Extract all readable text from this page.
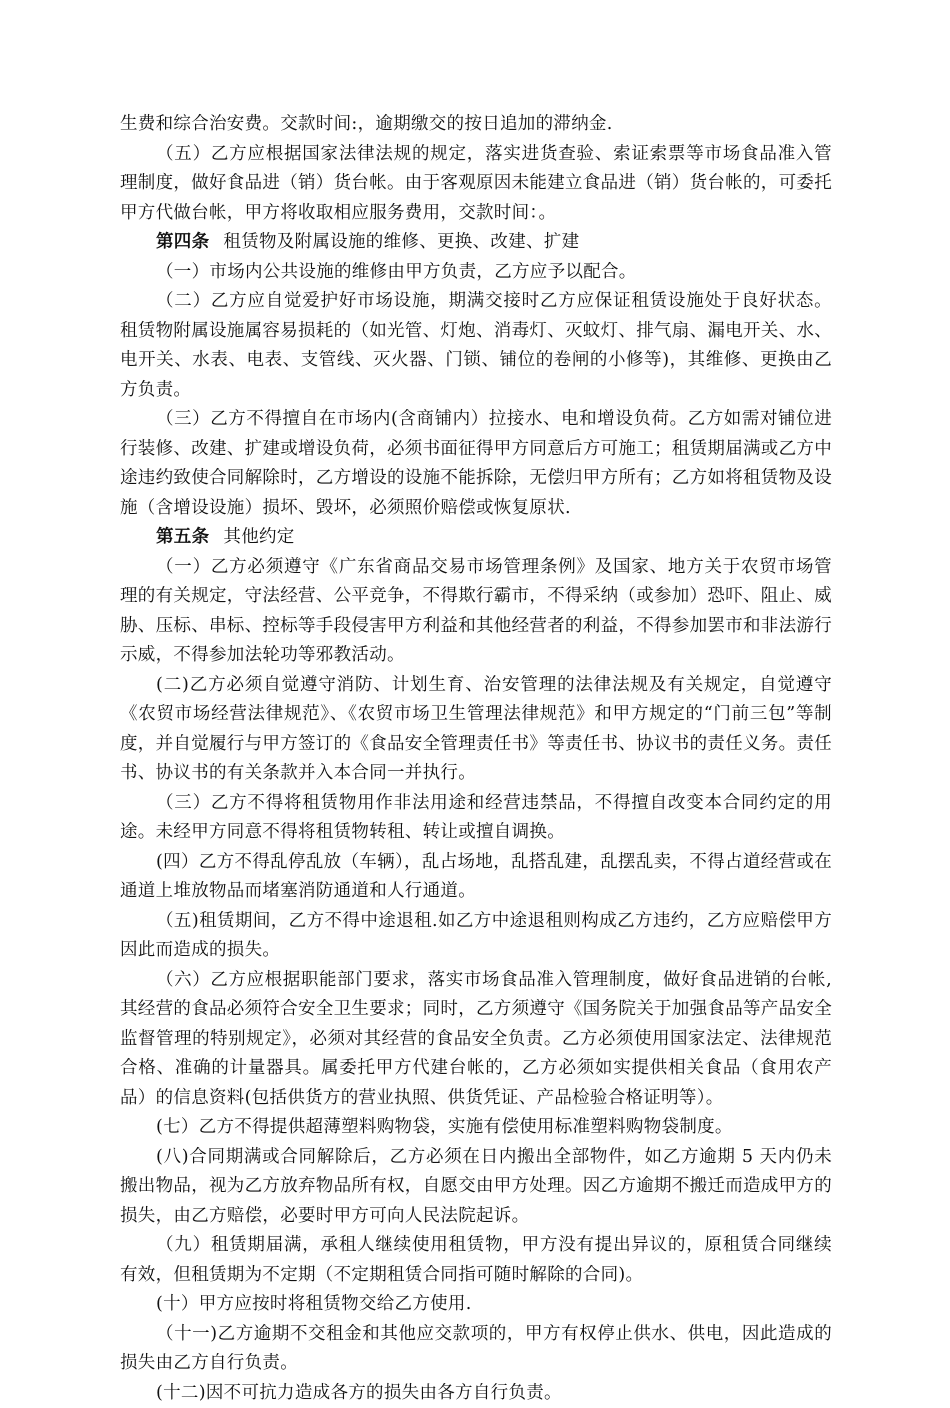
生费和综合治安费。交款时间:，逾期缴交的按日追加的滞纳金.

（五）乙方应根据国家法律法规的规定，落实进货查验、索证索票等市场食品准入管理制度，做好食品进（销）货台帐。由于客观原因未能建立食品进（销）货台帐的，可委托甲方代做台帐，甲方将收取相应服务费用，交款时间：。

第四条 租赁物及附属设施的维修、更换、改建、扩建

（一）市场内公共设施的维修由甲方负责，乙方应予以配合。

（二）乙方应自觉爱护好市场设施，期满交接时乙方应保证租赁设施处于良好状态。租赁物附属设施属容易损耗的（如光管、灯炮、消毒灯、灭蚊灯、排气扇、漏电开关、水、电开关、水表、电表、支管线、灭火器、门锁、铺位的卷闸的小修等)，其维修、更换由乙方负责。

（三）乙方不得擅自在市场内(含商铺内）拉接水、电和增设负荷。乙方如需对铺位进行装修、改建、扩建或增设负荷，必须书面征得甲方同意后方可施工；租赁期届满或乙方中途违约致使合同解除时，乙方增设的设施不能拆除，无偿归甲方所有；乙方如将租赁物及设施（含增设设施）损坏、毁坏，必须照价赔偿或恢复原状.

第五条 其他约定

（一）乙方必须遵守《广东省商品交易市场管理条例》及国家、地方关于农贸市场管理的有关规定，守法经营、公平竞争，不得欺行霸市，不得采纳（或参加）恐吓、阻止、威胁、压标、串标、控标等手段侵害甲方利益和其他经营者的利益，不得参加罢市和非法游行示威，不得参加法轮功等邪教活动。

(二)乙方必须自觉遵守消防、计划生育、治安管理的法律法规及有关规定，自觉遵守《农贸市场经营法律规范》、《农贸市场卫生管理法律规范》和甲方规定的“门前三包”等制度，并自觉履行与甲方签订的《食品安全管理责任书》等责任书、协议书的责任义务。责任书、协议书的有关条款并入本合同一并执行。

（三）乙方不得将租赁物用作非法用途和经营违禁品，不得擅自改变本合同约定的用途。未经甲方同意不得将租赁物转租、转让或擅自调换。

(四）乙方不得乱停乱放（车辆），乱占场地，乱搭乱建，乱摆乱卖，不得占道经营或在通道上堆放物品而堵塞消防通道和人行通道。

（五)租赁期间，乙方不得中途退租.如乙方中途退租则构成乙方违约，乙方应赔偿甲方因此而造成的损失。

（六）乙方应根据职能部门要求，落实市场食品准入管理制度，做好食品进销的台帐,其经营的食品必须符合安全卫生要求；同时，乙方须遵守《国务院关于加强食品等产品安全监督管理的特别规定》，必须对其经营的食品安全负责。乙方必须使用国家法定、法律规范合格、准确的计量器具。属委托甲方代建台帐的，乙方必须如实提供相关食品（食用农产品）的信息资料(包括供货方的营业执照、供货凭证、产品检验合格证明等）。

(七）乙方不得提供超薄塑料购物袋，实施有偿使用标准塑料购物袋制度。

(八)合同期满或合同解除后，乙方必须在日内搬出全部物件，如乙方逾期 5 天内仍未搬出物品，视为乙方放弃物品所有权，自愿交由甲方处理。因乙方逾期不搬迁而造成甲方的损失，由乙方赔偿，必要时甲方可向人民法院起诉。

（九）租赁期届满，承租人继续使用租赁物，甲方没有提出异议的，原租赁合同继续有效，但租赁期为不定期（不定期租赁合同指可随时解除的合同)。

(十）甲方应按时将租赁物交给乙方使用.

（十一)乙方逾期不交租金和其他应交款项的，甲方有权停止供水、供电，因此造成的损失由乙方自行负责。

(十二)因不可抗力造成各方的损失由各方自行负责。
